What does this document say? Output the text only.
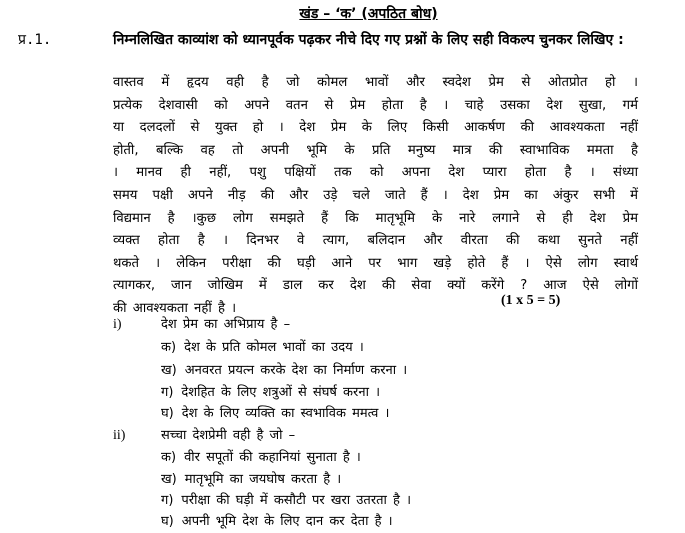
खंड – ‘क’ (अपठित बोध)
प्र.1.	निम्नलिखित काव्यांश को ध्यानपूर्वक पढ़कर नीचे दिए गए प्रश्नों के लिए सही विकल्प चुनकर लिखिए :
वास्तव में हृदय वही है जो कोमल भावों और स्वदेश प्रेम से ओतप्रोत हो ।
प्रत्येक देशवासी को अपने वतन से प्रेम होता है । चाहे उसका देश सुखा, गर्म
या दलदलों से युक्त हो । देश प्रेम के लिए किसी आकर्षण की आवश्यकता नहीं
होती, बल्कि वह तो अपनी भूमि के प्रति मनुष्य मात्र की स्वाभाविक ममता है
। मानव ही नहीं, पशु पक्षियों तक को अपना देश प्यारा होता है । संध्या
समय पक्षी अपने नीड़ की और उड़े चले जाते हैं । देश प्रेम का अंकुर सभी में
विद्यमान है ।कुछ लोग समझते हैं कि मातृभूमि के नारे लगाने से ही देश प्रेम
व्यक्त होता है । दिनभर वे त्याग, बलिदान और वीरता की कथा सुनते नहीं
थकते । लेकिन परीक्षा की घड़ी आने पर भाग खड़े होते हैं । ऐसे लोग स्वार्थ
त्यागकर, जान जोखिम में डाल कर देश की सेवा क्यों करेंगे ? आज ऐसे लोगों
की आवश्यकता नहीं है ।
(1 x 5 = 5)
i)	देश प्रेम का अभिप्राय है –
क) देश के प्रति कोमल भावों का उदय ।
ख) अनवरत प्रयत्न करके देश का निर्माण करना ।
ग) देशहित के लिए शत्रुओं से संघर्ष करना ।
घ) देश के लिए व्यक्ति का स्वभाविक ममत्व ।
ii)	सच्चा देशप्रेमी वही है जो –
क) वीर सपूतों की कहानियां सुनाता है ।
ख) मातृभूमि का जयघोष करता है ।
ग) परीक्षा की घड़ी में कसौटी पर खरा उतरता है ।
घ) अपनी भूमि देश के लिए दान कर देता है ।
